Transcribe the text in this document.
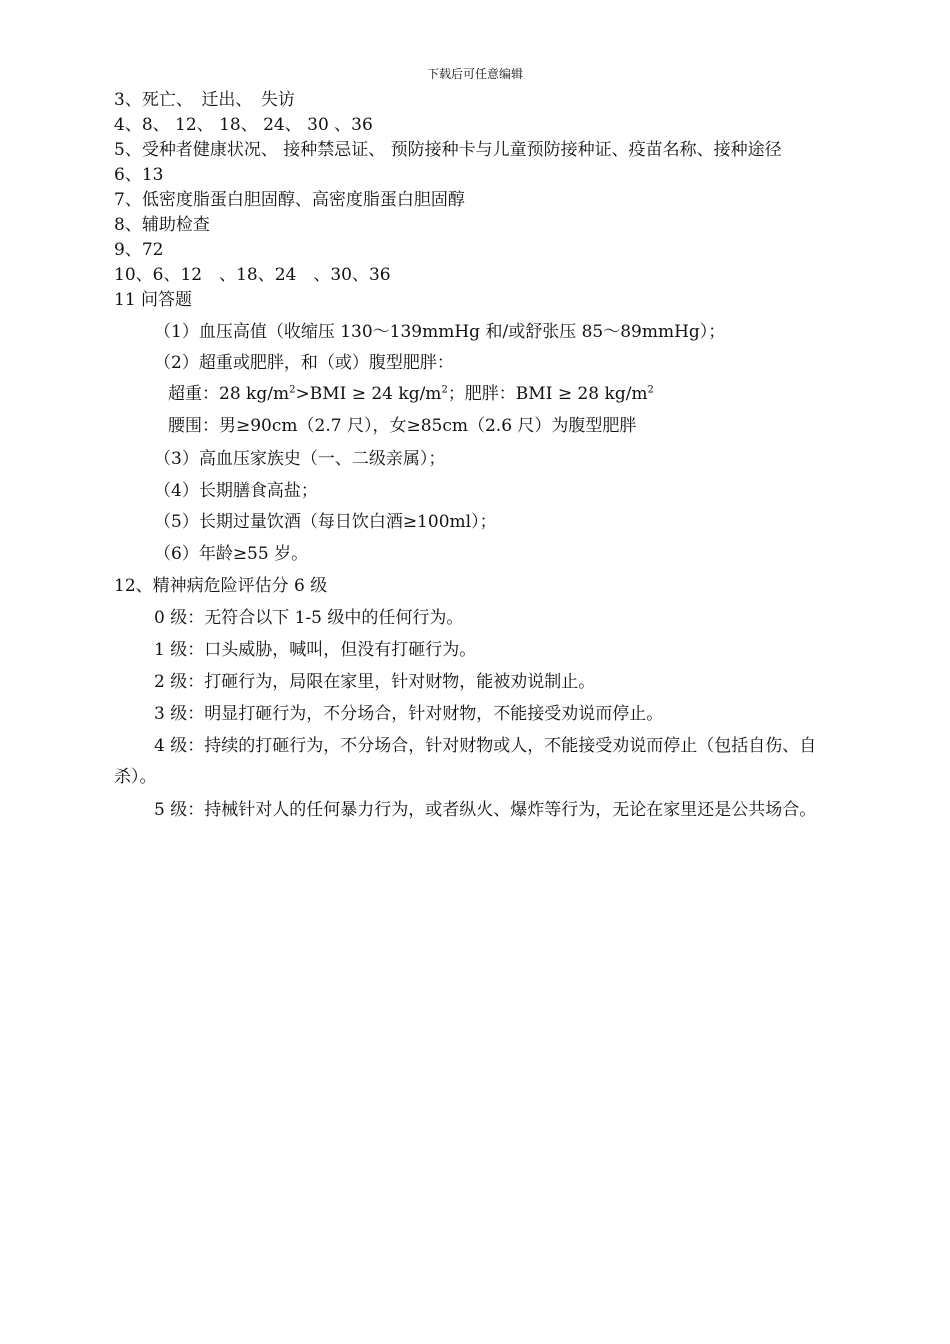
下载后可任意编辑
3、死亡、　迁出、　失访
4、8、 12、 18、 24、 30 、36
5、受种者健康状况、 接种禁忌证、 预防接种卡与儿童预防接种证、疫苗名称、接种途径
6、13
7、低密度脂蛋白胆固醇、高密度脂蛋白胆固醇
8、辅助检查
9、72
10、6、12　、18、24　、30、36
11 问答题
（1）血压高值（收缩压 130～139mmHg 和/或舒张压 85～89mmHg）；
（2）超重或肥胖，和（或）腹型肥胖：
超重：28 $kg/m^2>BMI \ge 24$ $kg/m^2$；肥胖：BMI ≥ 28 $kg/m^2$
腰围：男≥90cm（2.7 尺），女≥85cm（2.6 尺）为腹型肥胖
（3）高血压家族史（一、二级亲属）；
（4）长期膳食高盐；
（5）长期过量饮酒（每日饮白酒≥100ml）；
（6）年龄≥55 岁。
12、精神病危险评估分 6 级
0 级：无符合以下 1-5 级中的任何行为。
1 级：口头威胁，喊叫，但没有打砸行为。
2 级：打砸行为，局限在家里，针对财物，能被劝说制止。
3 级：明显打砸行为，不分场合，针对财物，不能接受劝说而停止。
4 级：持续的打砸行为，不分场合，针对财物或人，不能接受劝说而停止（包括自伤、自
杀）。
5 级：持械针对人的任何暴力行为，或者纵火、爆炸等行为，无论在家里还是公共场合。
